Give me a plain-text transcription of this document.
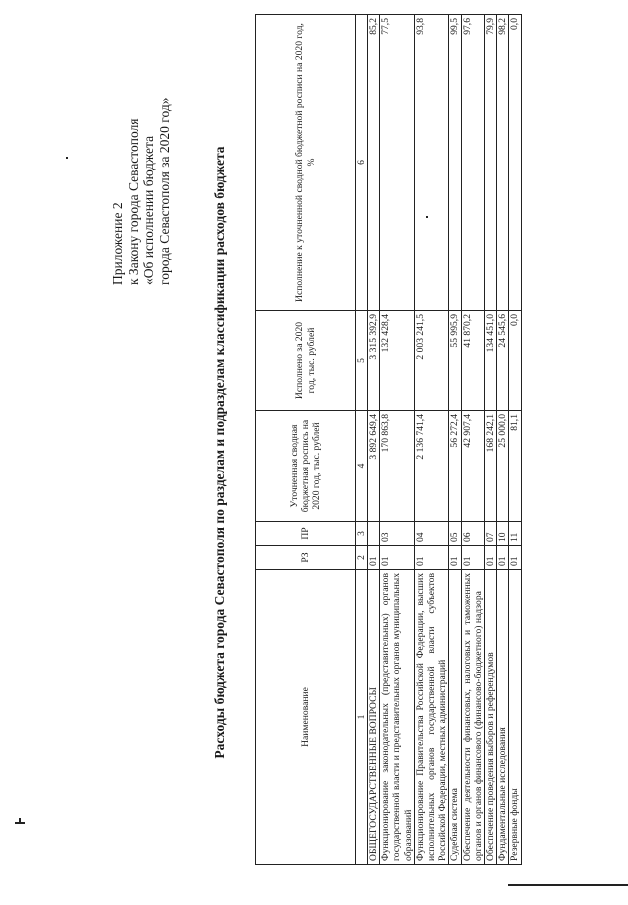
Приложение 2 к Закону города Севастополя «Об исполнении бюджета города Севастополя за 2020 год»	Расходы бюджета города Севастополя по разделам и подразделам классификации расходов бюджета	Наименование	РЗ	ПР	Уточненная сводная бюджетная роспись на 2020 год, тыс. рублей	Исполнено за 2020 год, тыс. рублей	Исполнение к уточненной сводной бюджетной росписи на 2020 год, %
1	2	3	4	5	6
ОБЩЕГОСУДАРСТВЕННЫЕ ВОПРОСЫ	01		3 892 649,4	3 315 392,9	85,2
Функционирование законодательных (представительных) органов государственной власти и представительных органов муниципальных образований	01	03	170 863,8	132 428,4	77,5
Функционирование Правительства Российской Федерации, высших исполнительных органов государственной власти субъектов Российской Федерации, местных администраций	01	04	2 136 741,4	2 003 241,5	93,8
Судебная система	01	05	56 272,4	55 995,9	99,5
Обеспечение деятельности финансовых, налоговых и таможенных органов и органов финансового (финансово-бюджетного) надзора	01	06	42 907,4	41 870,2	97,6
Обеспечение проведения выборов и референдумов	01	07	168 242,1	134 451,0	79,9
Фундаментальные исследования	01	10	25 000,0	24 545,6	98,2
Резервные фонды	01	11	81,1	0,0	0,0
